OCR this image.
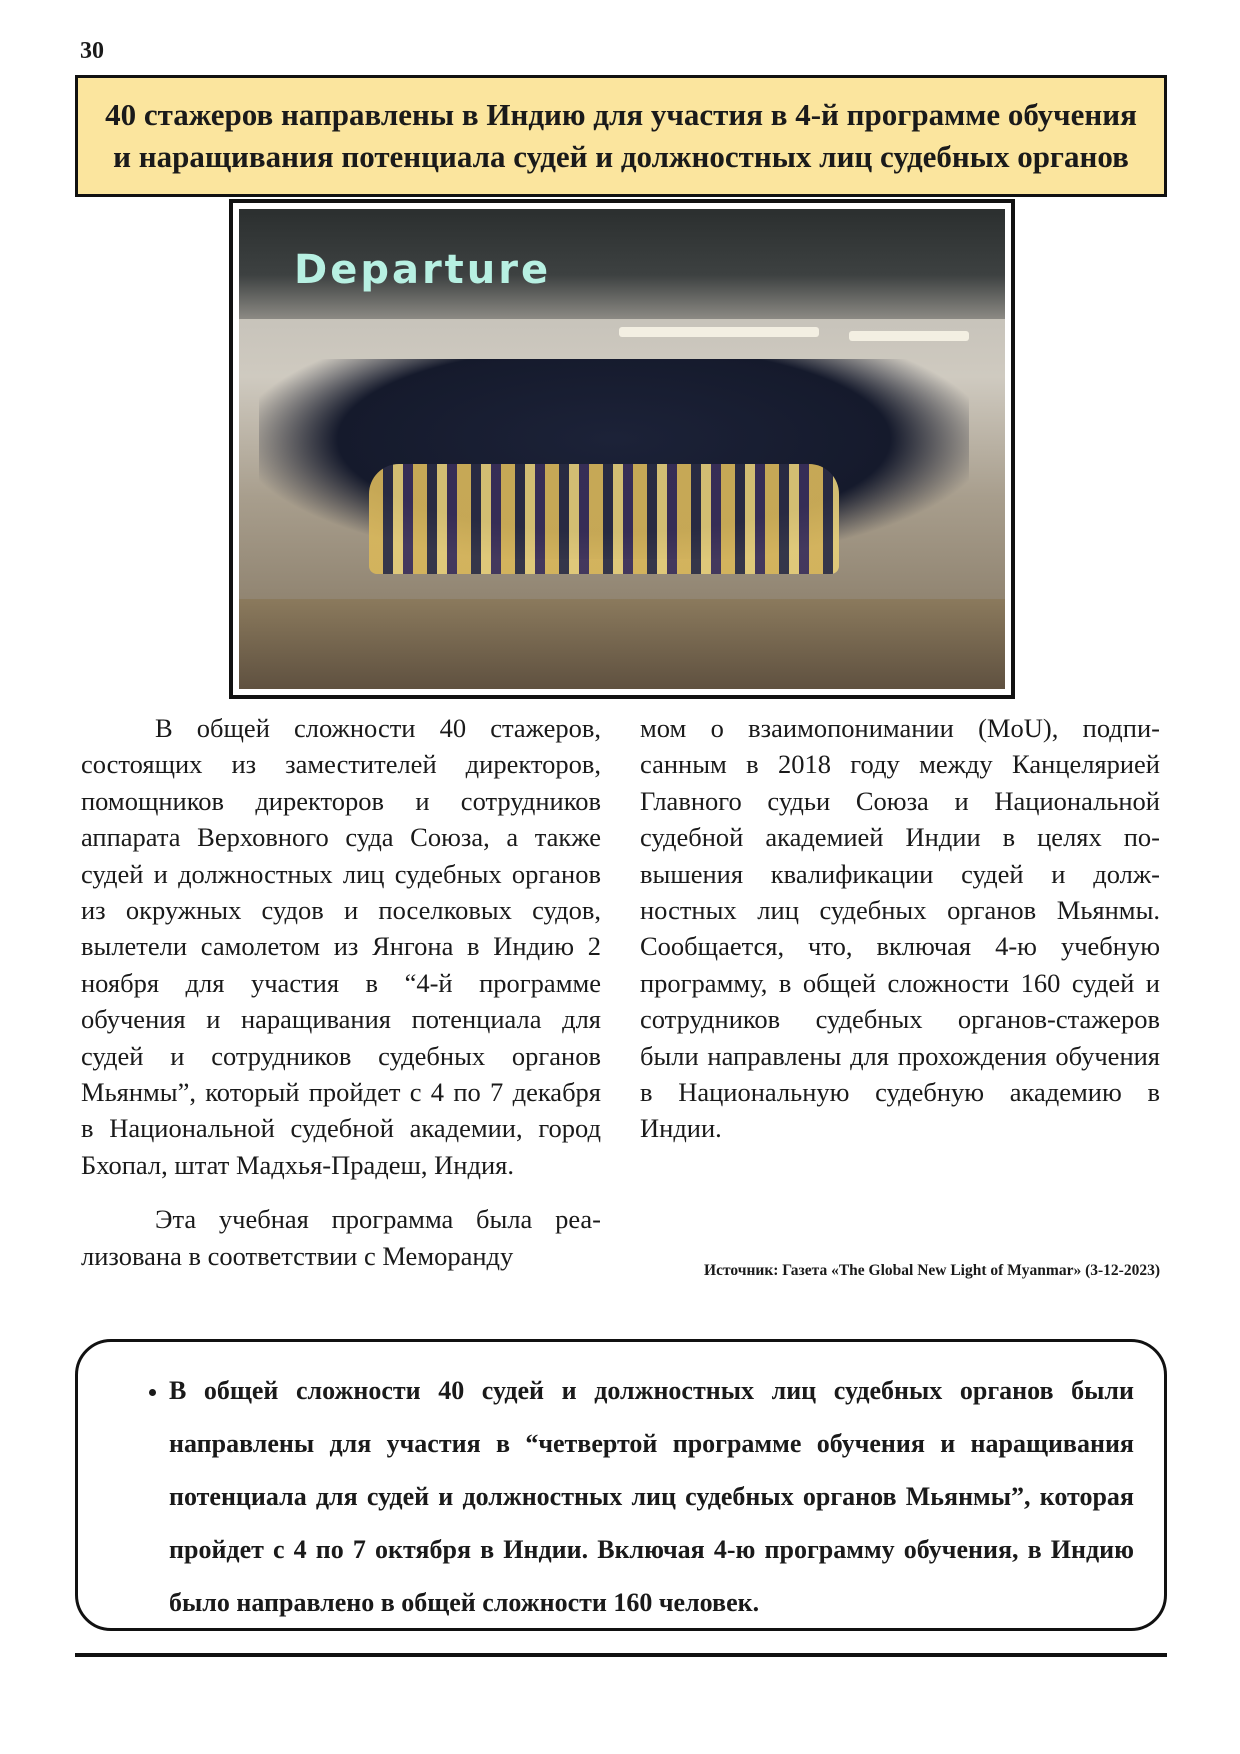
30
40 стажеров направлены в Индию для участия в 4-й программе обучения и наращивания потенциала судей и должностных лиц судебных органов
Departure

В общей сложности 40 стажеров, состоящих из заместителей директоров, помощников директоров и сотрудников аппарата Верховного суда Союза, а также судей и должностных лиц судебных органов из окружных судов и поселковых судов, вылетели самолетом из Янгона в Индию 2 ноября для участия в “4-й программе обучения и наращивания потенциала для судей и сотрудников судебных органов Мьянмы”, который пройдет с 4 по 7 декабря в Национальной судебной академии, город Бхопал, штат Мадхья-Прадеш, Индия.

Эта учебная программа была реализована в соответствии с Меморанду

мом о взаимопонимании (MoU), подписанным в 2018 году между Канцелярией Главного судьи Союза и Национальной судебной академией Индии в целях повышения квалификации судей и должностных лиц судебных органов Мьянмы. Сообщается, что, включая 4-ю учебную программу, в общей сложности 160 судей и сотрудников судебных органов-стажеров были направлены для прохождения обучения в Национальную судебную академию в Индии.

Источник: Газета «The Global New Light of Myanmar» (3-12-2023)
• В общей сложности 40 судей и должностных лиц судебных органов были направлены для участия в “четвертой программе обучения и наращивания потенциала для судей и должностных лиц судебных органов Мьянмы”, которая пройдет с 4 по 7 октября в Индии. Включая 4-ю программу обучения, в Индию было направлено в общей сложности 160 человек.
